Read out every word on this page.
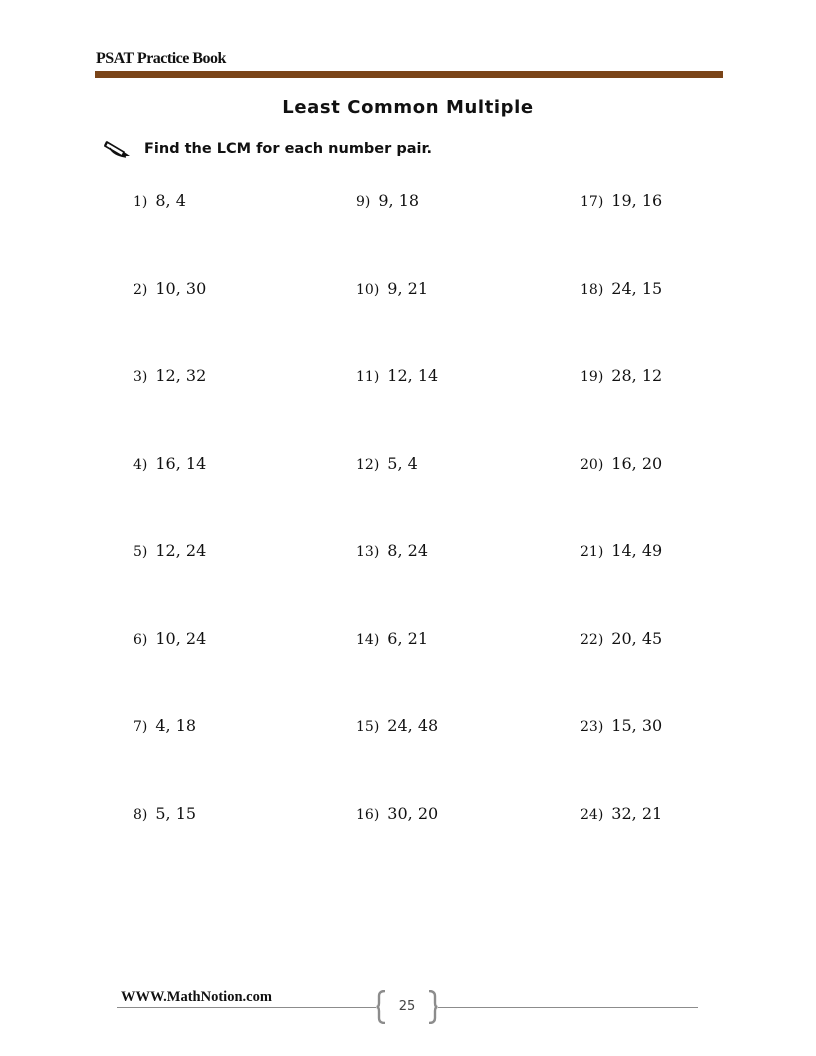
PSAT Practice Book
Least Common Multiple
Find the LCM for each number pair.
1) 8, 4
2) 10, 30
3) 12, 32
4) 16, 14
5) 12, 24
6) 10, 24
7) 4, 18
8) 5, 15
9) 9, 18
10) 9, 21
11) 12, 14
12) 5, 4
13) 8, 24
14) 6, 21
15) 24, 48
16) 30, 20
17) 19, 16
18) 24, 15
19) 28, 12
20) 16, 20
21) 14, 49
22) 20, 45
23) 15, 30
24) 32, 21
WWW.MathNotion.com
25
